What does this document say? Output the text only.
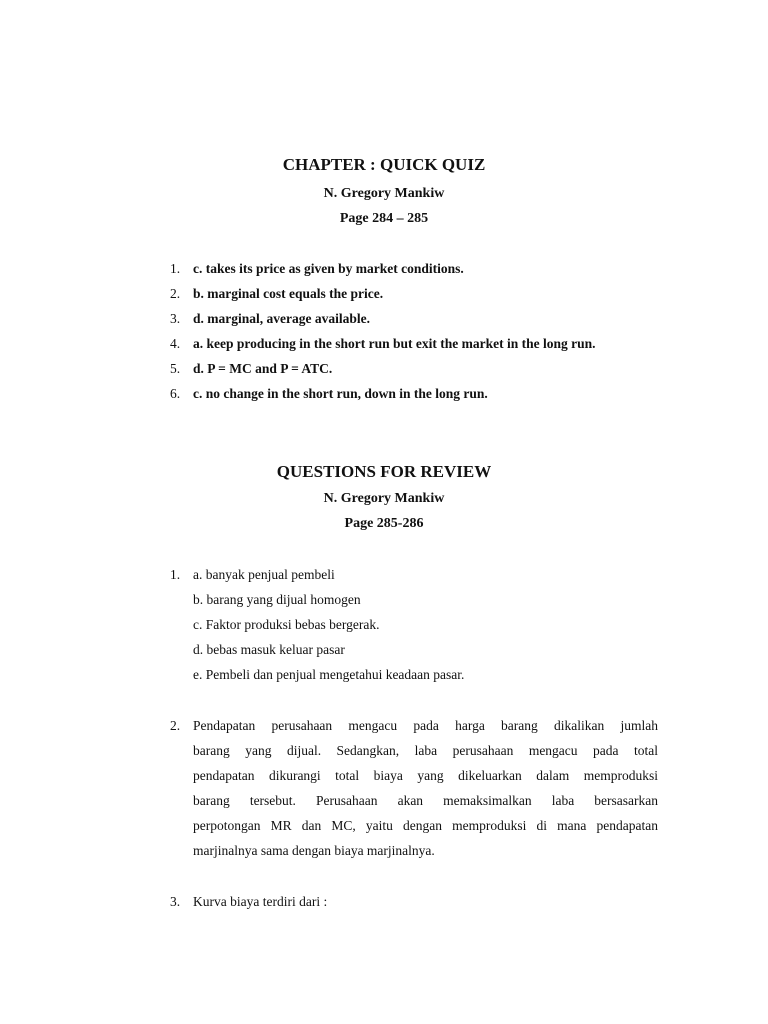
CHAPTER : QUICK QUIZ
N. Gregory Mankiw
Page 284 – 285
1. c. takes its price as given by market conditions.
2. b. marginal cost equals the price.
3. d. marginal, average available.
4. a. keep producing in the short run but exit the market in the long run.
5. d. P = MC and P = ATC.
6. c. no change in the short run, down in the long run.
QUESTIONS FOR REVIEW
N. Gregory Mankiw
Page 285-286
1. a. banyak penjual pembeli
b. barang yang dijual homogen
c. Faktor produksi bebas bergerak.
d. bebas masuk keluar pasar
e. Pembeli dan penjual mengetahui keadaan pasar.
2. Pendapatan perusahaan mengacu pada harga barang dikalikan jumlah
barang yang dijual. Sedangkan, laba perusahaan mengacu pada total
pendapatan dikurangi total biaya yang dikeluarkan dalam memproduksi
barang tersebut. Perusahaan akan memaksimalkan laba bersasarkan
perpotongan MR dan MC, yaitu dengan memproduksi di mana pendapatan
marjinalnya sama dengan biaya marjinalnya.
3. Kurva biaya terdiri dari :
